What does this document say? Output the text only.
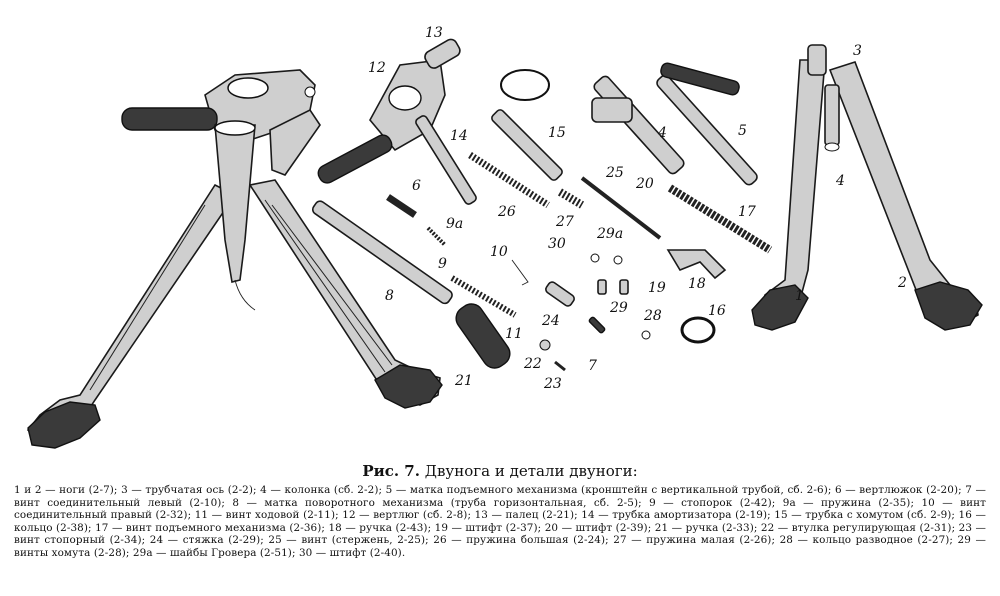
1
2
3
4
4
5
6
7
8
9
9а
10
11
12
13
14	15
16
17
18
19
20
21
22
23
24
25
26
27
28
29
29а
30
Рис. 7. Двунога и детали двуноги:
1 и 2 — ноги (2-7); 3 — трубчатая ось (2-2); 4 — колонка (сб. 2-2); 5 — матка подъемного механизма (кронштейн с вертикальной трубой, сб. 2-6); 6 — вертлюжок (2-20); 7 — винт соединительный левый (2-10); 8 — матка поворотного механизма (труба горизонтальная, сб. 2-5); 9 — стопорок (2-42); 9а — пружина (2-35); 10 — винт соединительный правый (2-32); 11 — винт ходовой (2-11); 12 — вертлюг (сб. 2-8); 13 — палец (2-21); 14 — трубка амортизатора (2-19); 15 — трубка с хомутом (сб. 2-9); 16 — кольцо (2-38); 17 — винт подъемного механизма (2-36); 18 — ручка (2-43); 19 — штифт (2-37); 20 — штифт (2-39); 21 — ручка (2-33); 22 — втулка регулирующая (2-31); 23 — винт стопорный (2-34); 24 — стяжка (2-29); 25 — винт (стержень, 2-25); 26 — пружина большая (2-24); 27 — пружина малая (2-26); 28 — кольцо разводное (2-27); 29 — винты хомута (2-28); 29а — шайбы Гровера (2-51); 30 — штифт (2-40).
